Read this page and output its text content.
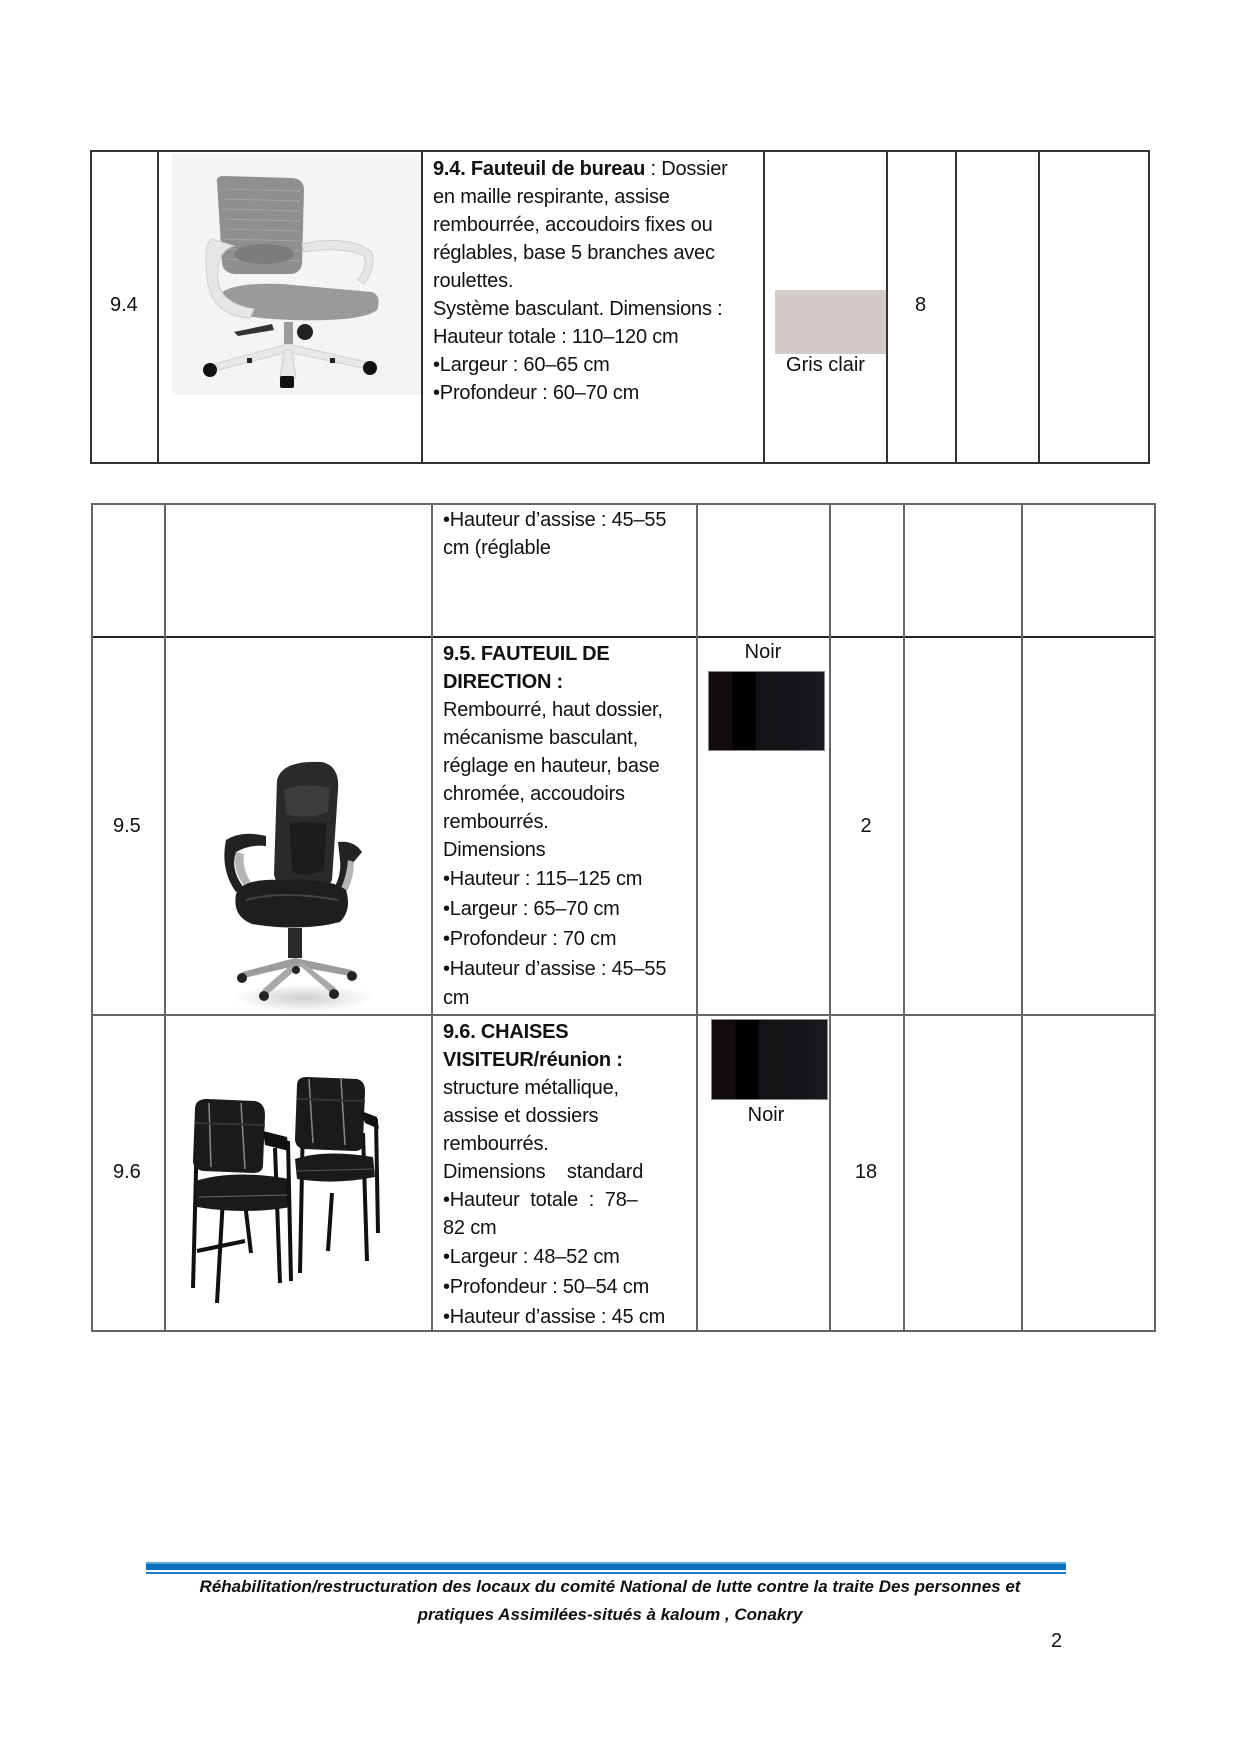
9.4
9.4. Fauteuil de bureau : Dossier
en maille respirante, assise
rembourrée, accoudoirs fixes ou
réglables, base 5 branches avec
roulettes.
Système basculant. Dimensions :
Hauteur totale : 110–120 cm
•Largeur : 60–65 cm
•Profondeur : 60–70 cm
Gris clair
8
•Hauteur d’assise : 45–55
cm (réglable
9.5
9.5. FAUTEUIL DE
DIRECTION :
Rembourré, haut dossier,
mécanisme basculant,
réglage en hauteur, base
chromée, accoudoirs
rembourrés.
Dimensions
•Hauteur : 115–125 cm
•Largeur : 65–70 cm
•Profondeur : 70 cm
•Hauteur d’assise : 45–55
cm
Noir
2
9.6
9.6. CHAISES
VISITEUR/réunion :
structure métallique,
assise et dossiers
rembourrés.
Dimensions    standard
•Hauteur  totale  :  78–
82 cm
•Largeur : 48–52 cm
•Profondeur : 50–54 cm
•Hauteur d’assise : 45 cm
Noir
18
Réhabilitation/restructuration des locaux du comité National de lutte contre la traite Des personnes et
pratiques Assimilées-situés à kaloum , Conakry
2
